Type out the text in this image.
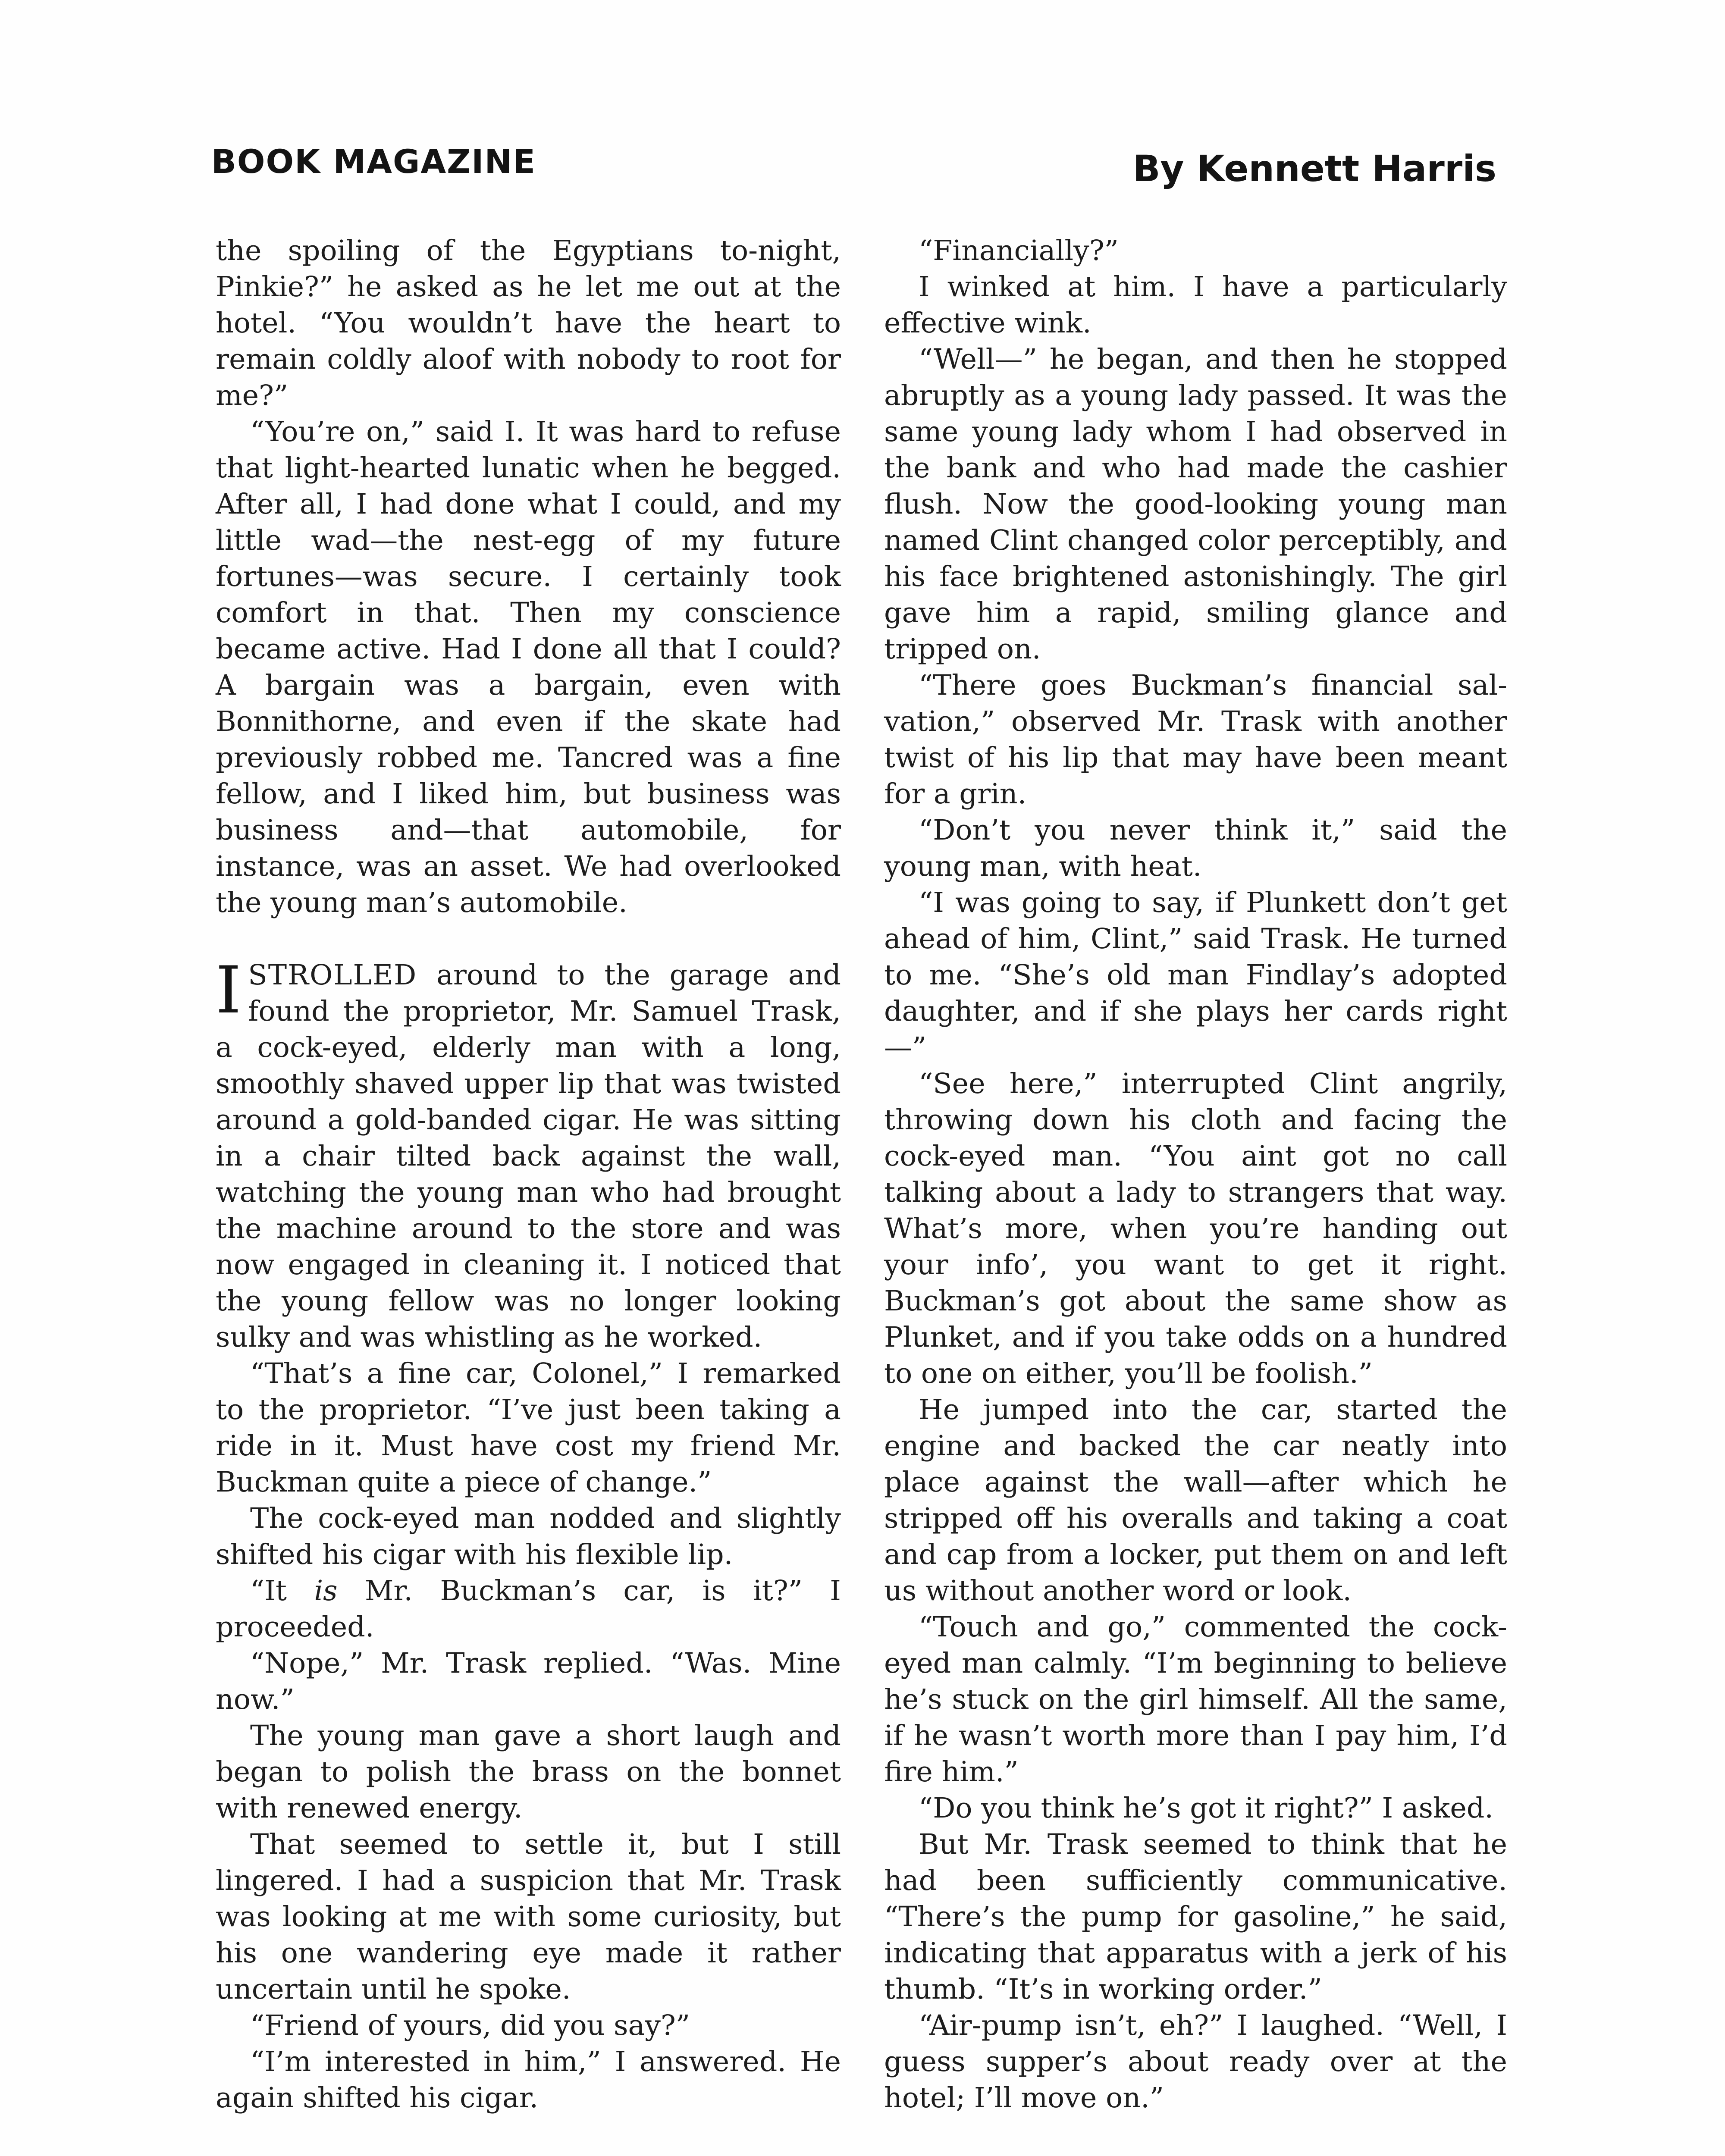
BOOK MAGAZINE	By Kennett Harris

the spoiling of the Egyptians to-night, Pinkie?” he asked as he let me out at the hotel. “You wouldn’t have the heart to remain coldly aloof with nobody to root for me?”

“You’re on,” said I. It was hard to refuse that light-hearted lunatic when he begged. After all, I had done what I could, and my little wad—the nest-egg of my future fortunes—was secure. I certainly took comfort in that. Then my conscience became active. Had I done all that I could? A bargain was a bargain, even with Bonnithorne, and even if the skate had previously robbed me. Tancred was a fine fellow, and I liked him, but business was business and—that automobile, for instance, was an asset. We had overlooked the young man’s automobile.

ISTROLLED around to the garage and found the proprietor, Mr. Samuel Trask, a cock-eyed, elderly man with a long, smoothly shaved upper lip that was twisted around a gold-banded cigar. He was sitting in a chair tilted back against the wall, watching the young man who had brought the machine around to the store and was now engaged in cleaning it. I noticed that the young fellow was no longer looking sulky and was whistling as he worked.

“That’s a fine car, Colonel,” I remarked to the proprietor. “I’ve just been taking a ride in it. Must have cost my friend Mr. Buckman quite a piece of change.”

The cock-eyed man nodded and slightly shifted his cigar with his flexible lip.

“It is Mr. Buckman’s car, is it?” I proceeded.

“Nope,” Mr. Trask replied. “Was. Mine now.”

The young man gave a short laugh and began to polish the brass on the bonnet with renewed energy.

That seemed to settle it, but I still lingered. I had a suspicion that Mr. Trask was looking at me with some curiosity, but his one wandering eye made it rather uncertain until he spoke.

“Friend of yours, did you say?”

“I’m interested in him,” I answered. He again shifted his cigar.

“Financially?”

I winked at him. I have a particularly effective wink.

“Well—” he began, and then he stopped abruptly as a young lady passed. It was the same young lady whom I had observed in the bank and who had made the cashier flush. Now the good-looking young man named Clint changed color perceptibly, and his face brightened astonishingly. The girl gave him a rapid, smiling glance and tripped on.

“There goes Buckman’s financial salvation,” observed Mr. Trask with another twist of his lip that may have been meant for a grin.

“Don’t you never think it,” said the young man, with heat.

“I was going to say, if Plunkett don’t get ahead of him, Clint,” said Trask. He turned to me. “She’s old man Findlay’s adopted daughter, and if she plays her cards right—”

“See here,” interrupted Clint angrily, throwing down his cloth and facing the cock-eyed man. “You aint got no call talking about a lady to strangers that way. What’s more, when you’re handing out your info’, you want to get it right. Buckman’s got about the same show as Plunket, and if you take odds on a hundred to one on either, you’ll be foolish.”

He jumped into the car, started the engine and backed the car neatly into place against the wall—after which he stripped off his overalls and taking a coat and cap from a locker, put them on and left us without another word or look.

“Touch and go,” commented the cock-eyed man calmly. “I’m beginning to believe he’s stuck on the girl himself. All the same, if he wasn’t worth more than I pay him, I’d fire him.”

“Do you think he’s got it right?” I asked.

But Mr. Trask seemed to think that he had been sufficiently communicative. “There’s the pump for gasoline,” he said, indicating that apparatus with a jerk of his thumb. “It’s in working order.”

“Air-pump isn’t, eh?” I laughed. “Well, I guess supper’s about ready over at the hotel; I’ll move on.”
